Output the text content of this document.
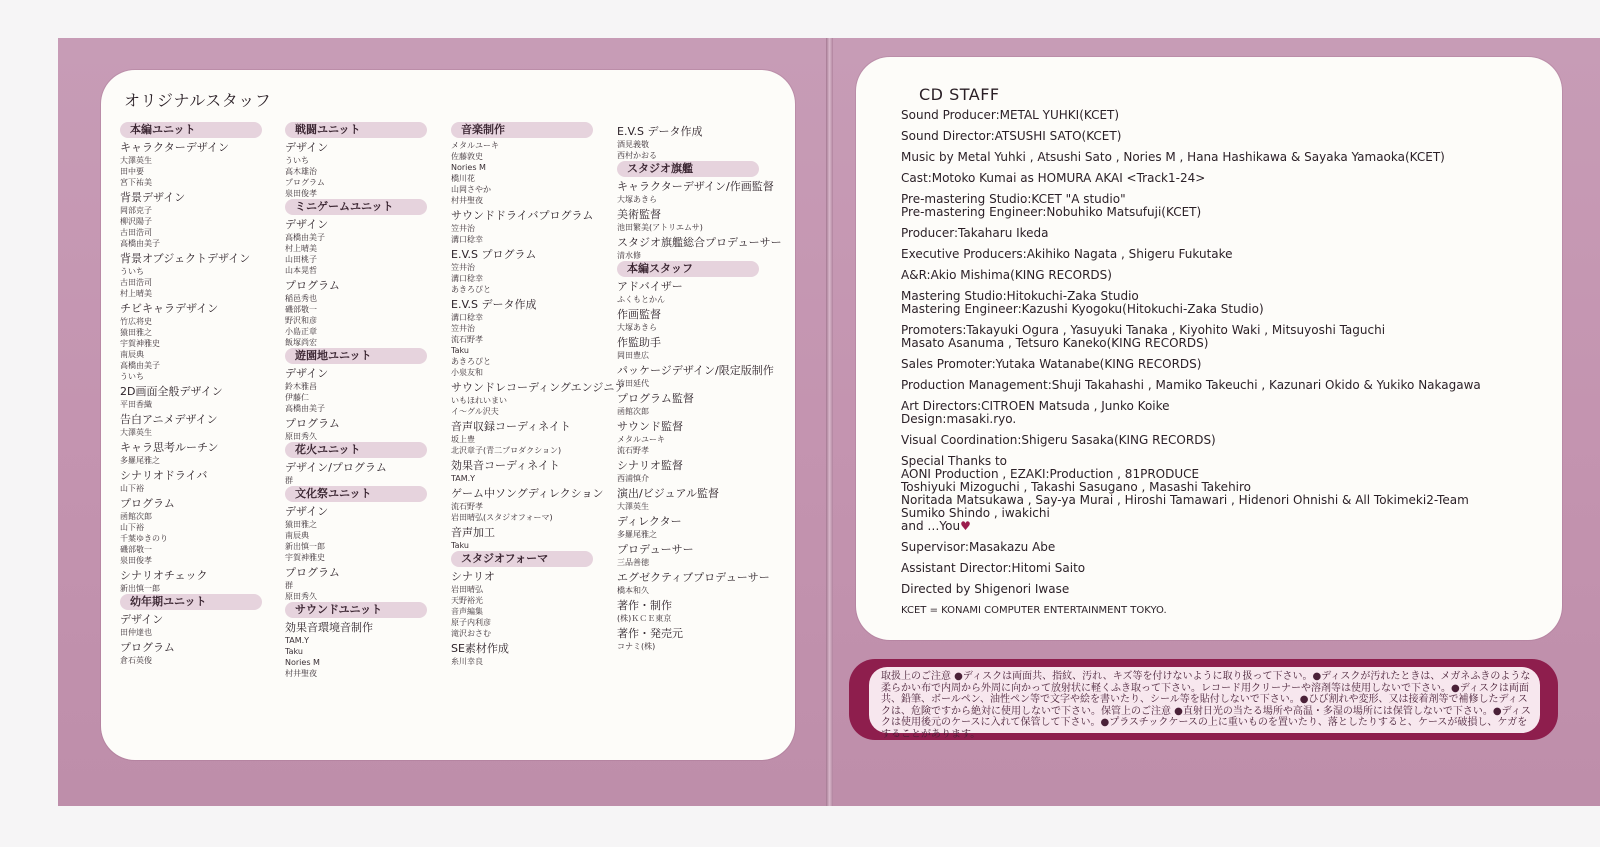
オリジナルスタッフ
本編ユニット
キャラクターデザイン
大澤英生
田中要
宮下祐美
背景デザイン
岡部克子
柳沢陽子
古田浩司
高橋由美子
背景オブジェクトデザイン
ういち
古田浩司
村上晴美
チビキャラデザイン
竹広将史
猿田雅之
宇賀神雅史
南辰典
高橋由美子
ういち
2D画面全般デザイン
平田香織
告白アニメデザイン
大澤英生
キャラ思考ルーチン
多羅尾雅之
シナリオドライバ
山下裕
プログラム
函館次郎
山下裕
千葉ゆきのり
磯部敬一
泉田俊孝
シナリオチェック
新出慎一郎
幼年期ユニット
デザイン
田仲達也
プログラム
倉石英俊
戦闘ユニット
デザイン
ういち
高木雄治
プログラム
泉田俊孝
ミニゲームユニット
デザイン
高橋由美子
村上晴美
山田桃子
山本晃哲
プログラム
稲邑秀也
磯部敬一
野沢和彦
小島正章
飯塚尚宏
遊園地ユニット
デザイン
鈴木雅昌
伊藤仁
高橋由美子
プログラム
原田秀久
花火ユニット
デザイン/プログラム
群
文化祭ユニット
デザイン
猿田雅之
南辰典
新出慎一郎
宇賀神雅史
プログラム
群
原田秀久
サウンドユニット
効果音環境音制作
TAM.Y
Taku
Nories M
村井聖夜
音楽制作
メタルユーキ
佐藤敦史
Nories M
橋川花
山岡さやか
村井聖夜
サウンドドライバプログラム
笠井治
溝口稔幸
E.V.S プログラム
笠井治
溝口稔幸
あきろぴと
E.V.S データ作成
溝口稔幸
笠井治
流石野孝
Taku
あきろぴと
小泉友和
サウンドレコーディングエンジニア
いもほれいまい
イ〜グル沢夫
音声収録コーディネイト
坂上豊
北沢章子(青二プロダクション)
効果音コーディネイト
TAM.Y
ゲーム中ソングディレクション
流石野孝
岩田晴弘(スタジオフォーマ)
音声加工
Taku
スタジオフォーマ
シナリオ
岩田晴弘
天野裕光
音声編集
原子内利彦
滝沢おさむ
SE素材作成
糸川幸良
E.V.S データ作成
酒見義敬
西村かおる
スタジオ旗艦
キャラクターデザイン/作画監督
大塚あきら
美術監督
池田繁美(アトリエムサ)
スタジオ旗艦総合プロデューサー
清水修
本編スタッフ
アドバイザー
ふくもとかん
作画監督
大塚あきら
作監助手
岡田豊広
パッケージデザイン/限定版制作
竹田延代
プログラム監督
函館次郎
サウンド監督
メタルユーキ
流石野孝
シナリオ監督
西浦慎介
演出/ビジュアル監督
大澤英生
ディレクター
多羅尾雅之
プロデューサー
三品善徳
エグゼクティブプロデューサー
橋本和久
著作・制作
(株)ＫＣＥ東京
著作・発売元
コナミ(株)
CD STAFF
Sound Producer:METAL YUHKI(KCET)
Sound Director:ATSUSHI SATO(KCET)
Music by Metal Yuhki , Atsushi Sato , Nories M , Hana Hashikawa & Sayaka Yamaoka(KCET)
Cast:Motoko Kumai as HOMURA AKAI <Track1-24>
Pre-mastering Studio:KCET "A studio"
Pre-mastering Engineer:Nobuhiko Matsufuji(KCET)
Producer:Takaharu Ikeda
Executive Producers:Akihiko Nagata , Shigeru Fukutake
A&R:Akio Mishima(KING RECORDS)
Mastering Studio:Hitokuchi-Zaka Studio
Mastering Engineer:Kazushi Kyogoku(Hitokuchi-Zaka Studio)
Promoters:Takayuki Ogura , Yasuyuki Tanaka , Kiyohito Waki , Mitsuyoshi Taguchi
Masato Asanuma , Tetsuro Kaneko(KING RECORDS)
Sales Promoter:Yutaka Watanabe(KING RECORDS)
Production Management:Shuji Takahashi , Mamiko Takeuchi , Kazunari Okido & Yukiko Nakagawa
Art Directors:CITROEN Matsuda , Junko Koike
Design:masaki.ryo.
Visual Coordination:Shigeru Sasaka(KING RECORDS)
Special Thanks to
AONI Production , EZAKI:Production , 81PRODUCE
Toshiyuki Mizoguchi , Takashi Sasugano , Masashi Takehiro
Noritada Matsukawa , Say-ya Murai , Hiroshi Tamawari , Hidenori Ohnishi & All Tokimeki2-Team
Sumiko Shindo , iwakichi
and …You♥
Supervisor:Masakazu Abe
Assistant Director:Hitomi Saito
Directed by Shigenori Iwase
KCET = KONAMI COMPUTER ENTERTAINMENT TOKYO.
取扱上のご注意 ●ディスクは両面共、指紋、汚れ、キズ等を付けないように取り扱って下さい。●ディスクが汚れたときは、メガネふきのような柔らかい布で内周から外周に向かって放射状に軽くふき取って下さい。レコード用クリーナーや溶剤等は使用しないで下さい。●ディスクは両面共、鉛筆、ボールペン、油性ペン等で文字や絵を書いたり、シール等を貼付しないで下さい。●ひび割れや変形、又は接着剤等で補修したディスクは、危険ですから絶対に使用しないで下さい。保管上のご注意 ●直射日光の当たる場所や高温・多湿の場所には保管しないで下さい。●ディスクは使用後元のケースに入れて保管して下さい。●プラスチックケースの上に重いものを置いたり、落としたりすると、ケースが破損し、ケガをすることがあります。
